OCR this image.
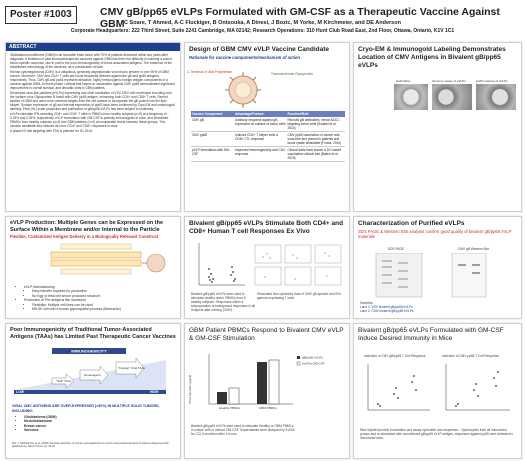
Poster #1003	CMV gB/pp65 eVLPs Formulated with GM-CSF as a Therapeutic Vaccine Against GBM C Soare, T Ahmed, A-C Fluckiger, B Ontsouka, A Dinesi, J Bozic, M Yorke, M Kirchmeier, and DE Anderson
Corporate Headquarters: 222 Third Street, Suite 2241 Cambridge, MA 02142; Research Operations: 310 Hunt Club Road East, 2nd Floor, Ottawa, Ontario, K1V 1C1
ABSTRACT
Glioblastoma multiforme (GBM) is an incurable brain tumor with 70% of patients deceased within two years after diagnosis. A limitation of past immunotherapeutic vaccines against GBM has been the difficulty in inducing a potent tumor-specific response, due in part to the poor immunogenicity of tumor-associated antigens. The existence of the established immunology of the vaccines, as a combination of both.
Human cytomegalovirus (CMV) is a ubiquitous, generally asymptomatic virus that is present in over 90% of GBM tumors. Moreover, CMV and CD4+ T cells are found frequently directed against the gB and pp65 antigens, respectively. Thus, CMV gB and pp65 represent attractive, highly immunogenic foreign antigen components of a vaccine against GBM. A recent phase I clinical trial based on vaccination against CMV pp65 demonstrated significant improvement in overall survival, and dendritic cells in GBM patients.
Developed virus-like particles (eVLPs) expressing and other translation of VSV-ZIKV with enveloped encoding over the surface virus Glycoprotein B fused with CMV pp65 antigen, enhancing both CD4+ and CD8+ T cells. Recent studies of GBM and used virus construct targets from the cell surface to incorporate the gB protein into the lipid bilayer. Surface expression of gB and internal expression of pp65 have been confirmed by Cryo-EM and immunogold labeling. Final (HL) scale production and purification of gB/pp65 eVLPs has been subject to underway.
eVLPs stimulate IFN-secreting CD4+ and CD8+ T cells in PBMCs from healthy subjects (n=9) at a frequency of 0.33% and 0.39%, respectively. eVLP formulation with GM-CSF is potently immunogenic in mice, and stimulated PBMCs from healthy subjects (n=4) and GBM patients (n=4) at comparable levels between these groups. This vaccine candidate also induces de novo CD4+ and CD8+ responses in mice.
A phase I/II trial targeting with FDA is planned for H1 2016.
Design of GBM CMV eVLP Vaccine Candidate
Rationale for vaccine components/mechanism of action
C-Terminus of Viral Polymerase	Transmembrane Glycoprotein
Vaccine Component	Advantage/Feature	Function/Role
CMV gB	Antibody response against gB expressed on surface of tumor cells	Recruits gB antibodies, hence ADCC targeting tumor cells (Solanki et al. 2014)
CMV pp65	Induces CD4+ T helper cells & CD8+ CTL response	CMV pp65 vaccination in cancer and virus-free and primed in patients and tumor lysate stimulated (Fonda, 2010)
pVLP formulation with GM-CSF	Improved immunogenicity and CD4 response	Clinical trials have shown a DC-based vaccination clinical trial (Batich et al. 2015)
Cryo-EM & Immunogold Labeling Demonstrates Location of CMV Antigens in Bivalent gB/pp65 eVLPs
Gold Mass	shown to assay of eVLPs	pp65 massing of eVLPs
eVLP Production: Multiple Genes can be Expressed on the Surface Within a Membrane and/or Internal to the Particle
Flexible, Customized Antigen Delivery in a Biologically Relevant Construct
• eVLP Manufacturing
• Easy transfer required for production
• No Egg or fetal cell serum produced structure
• Production of Pre-antigens like structures
• Flexibility: Multiple cell lines can be used
• Mfr-SE cell with a known glycosylation process (Bioreactor)
Bivalent gB/pp65 eVLPs Stimulate Both CD4+ and CD8+ Human T cell Responses Ex Vivo
Bivalent gB/pp65 eVLPs were used to stimulate healthy donor PBMCs from 9 healthy subjects. Responses within a subpopulation of background responses in all Subjects after naming (CMV).
Stimulated flow cytometry data of CMV gB-specific and IFN-gamma expressing T cells.
Characterization of Purified eVLPs
SDS PAGE & Western Blot analysis confirm good quality of bivalent gB/pp65 eVLP materials
SDS PAGE	CMV gB Western Blot
Samples:
Lane 1: VSV bivalent gB/pp65 eVLPs
Lane 2: CMV bivalent gB/pp65 eVLPs
Poor Immunogenicity of Traditional Tumor-Associated Antigens (TAAs) has Limited Past Therapeutic Cancer Vaccines
IMMUNOGENICITY
LOW	HIGH
"Self" TAAs
Neoantigens
"Foreign" Viral TAAs
VIRAL CMV ANTIGENS ARE OVER-EXPRESSED (>90%) IN MULTIPLE SOLID TUMORS, INCLUDING:
• Glioblastoma (GBM)
• Medulloblastoma
• Breast cancer
• Sarcoma
Ref: 1. Mitchell DA, et al. (2008) Sensitive detection of human cytomegalovirus in tumors and peripheral blood of patients diagnosed with glioblastoma. Neuro Oncol. 10: 10-18.
GBM Patient PBMCs Respond to Bivalent CMV eVLP & GM-CSF Stimulation
CCL3 Secretion (pg/ml)
Healthy PBMCs	GBM PBMCs
gB/pp65 eVLPs
eVLPs+GM-CSF
Bivalent gB/pp65 eVLPs were used to stimulate Healthy or GBM PBMCs in culture with or without GM-CSF. Supernatants were analyzed by ELISA for CCL3 secretion after 4 hours.
Bivalent gB/pp65 eVLPs Formulated with GM-CSF Induce Desired Immunity in Mice
Induction of CMV gB/pp65 T Cell Response	Induction of CMV pp65 T Cell Response
Mice injected protein formulation and assay cytometer and responses... Splenocytes from all immunized groups and re-stimulated with recombinant gB/pp65 eVLP antigen; responses against pp65 were detected in immunized mice.
